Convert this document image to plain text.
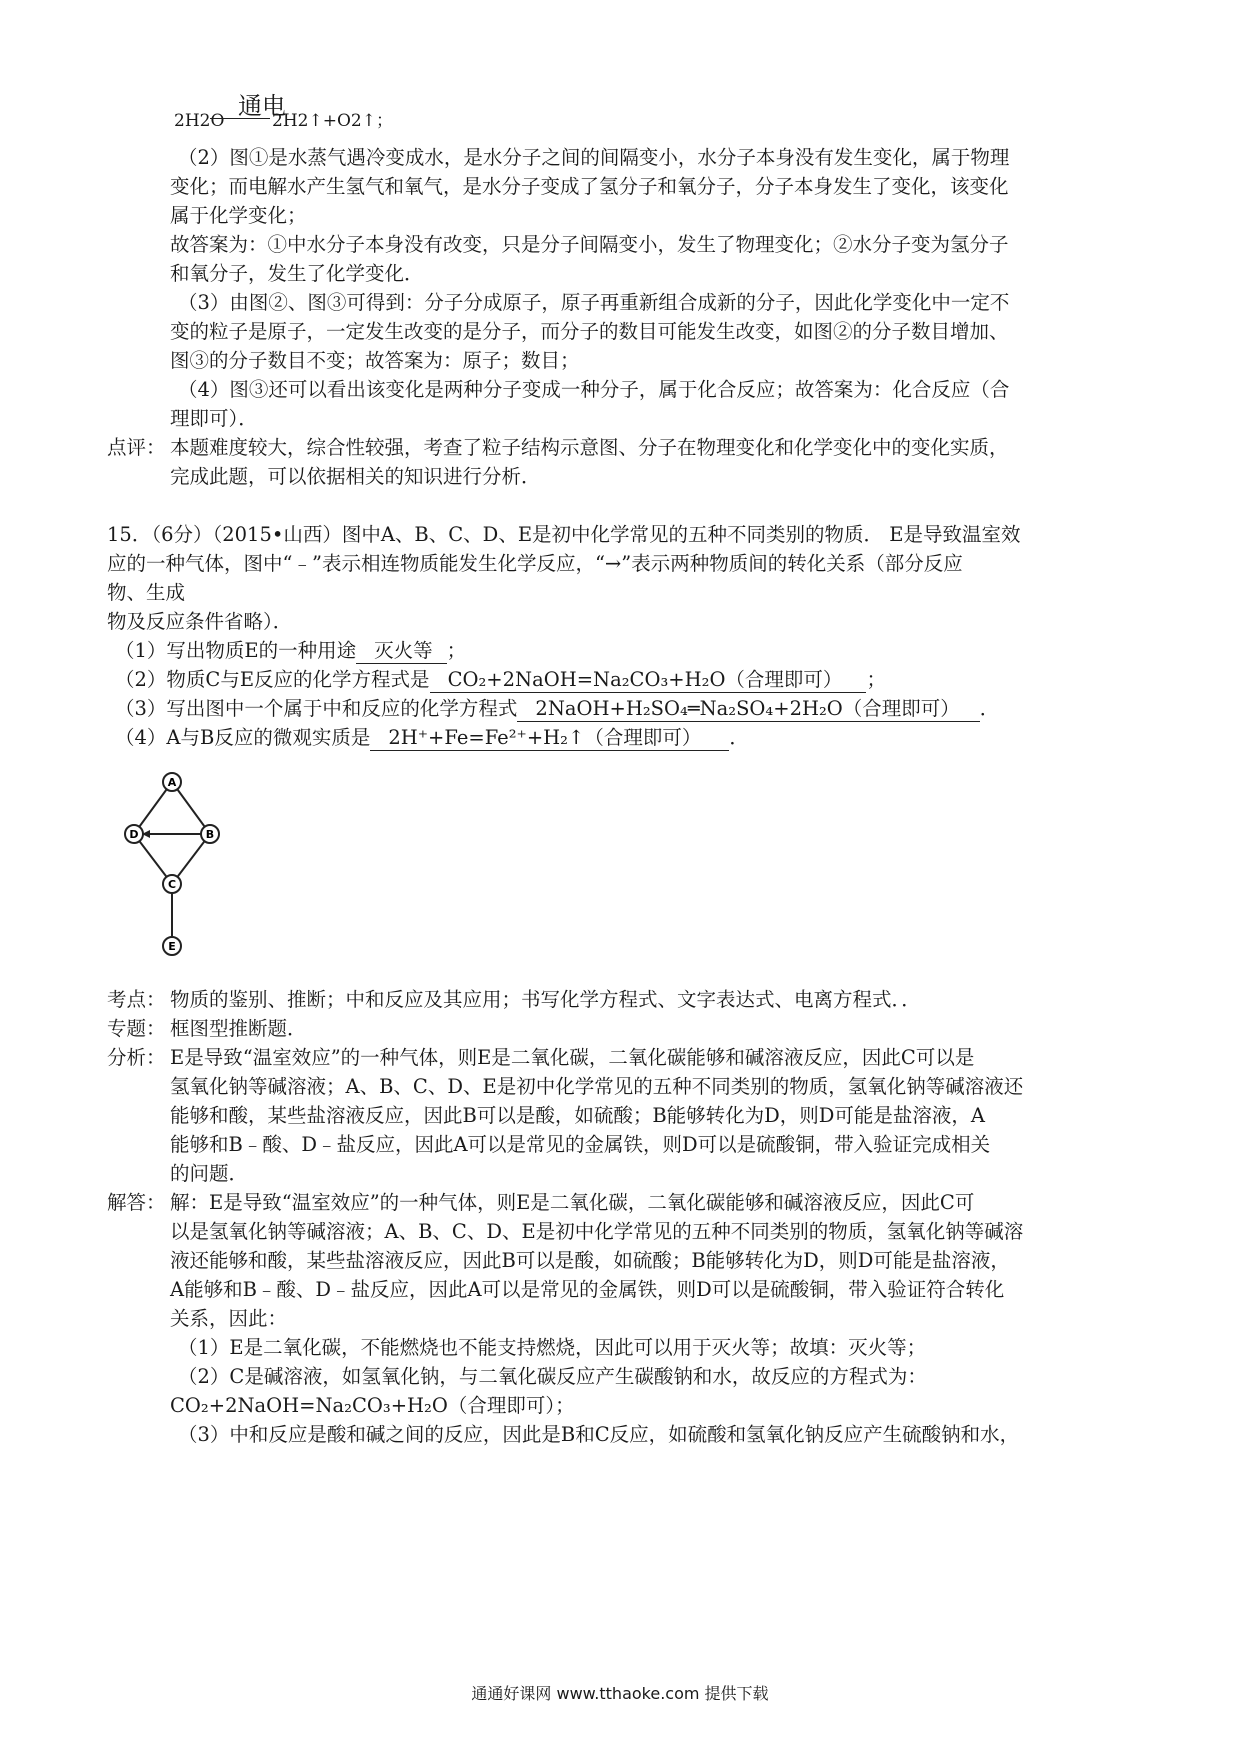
通电
2H2O	2H2↑+O2↑；
（2）图①是水蒸气遇冷变成水，是水分子之间的间隔变小，水分子本身没有发生变化，属于物理
变化；而电解水产生氢气和氧气，是水分子变成了氢分子和氧分子，分子本身发生了变化，该变化
属于化学变化；
故答案为：①中水分子本身没有改变，只是分子间隔变小，发生了物理变化；②水分子变为氢分子
和氧分子，发生了化学变化．
（3）由图②、图③可得到：分子分成原子，原子再重新组合成新的分子，因此化学变化中一定不
变的粒子是原子，一定发生改变的是分子，而分子的数目可能发生改变，如图②的分子数目增加、
图③的分子数目不变；故答案为：原子；数目；
（4）图③还可以看出该变化是两种分子变成一种分子，属于化合反应；故答案为：化合反应（合
理即可）．
点评： 本题难度较大，综合性较强，考查了粒子结构示意图、分子在物理变化和化学变化中的变化实质，
完成此题，可以依据相关的知识进行分析．
15．（6分）（2015•山西）图中A、B、C、D、E是初中化学常见的五种不同类别的物质． E是导致温室效
应的一种气体，图中“﹣”表示相连物质能发生化学反应，“→”表示两种物质间的转化关系（部分反应
物、生成
物及反应条件省略）．
（1）写出物质E的一种用途 灭火等 ；
（2）物质C与E反应的化学方程式是 CO₂+2NaOH=Na₂CO₃+H₂O（合理即可） ；
（3）写出图中一个属于中和反应的化学方程式 2NaOH+H₂SO₄═Na₂SO₄+2H₂O（合理即可） ．
（4）A与B反应的微观实质是 2H⁺+Fe=Fe²⁺+H₂↑（合理即可） ．
A
D	B
C
E
考点： 物质的鉴别、推断；中和反应及其应用；书写化学方程式、文字表达式、电离方程式．．
专题： 框图型推断题．
分析： E是导致“温室效应”的一种气体，则E是二氧化碳，二氧化碳能够和碱溶液反应，因此C可以是
氢氧化钠等碱溶液；A、B、C、D、E是初中化学常见的五种不同类别的物质，氢氧化钠等碱溶液还
能够和酸，某些盐溶液反应，因此B可以是酸，如硫酸；B能够转化为D，则D可能是盐溶液，A
能够和B﹣酸、D﹣盐反应，因此A可以是常见的金属铁，则D可以是硫酸铜，带入验证完成相关
的问题．
解答： 解：E是导致“温室效应”的一种气体，则E是二氧化碳，二氧化碳能够和碱溶液反应，因此C可
以是氢氧化钠等碱溶液；A、B、C、D、E是初中化学常见的五种不同类别的物质，氢氧化钠等碱溶
液还能够和酸，某些盐溶液反应，因此B可以是酸，如硫酸；B能够转化为D，则D可能是盐溶液，
A能够和B﹣酸、D﹣盐反应，因此A可以是常见的金属铁，则D可以是硫酸铜，带入验证符合转化
关系，因此：
（1）E是二氧化碳，不能燃烧也不能支持燃烧，因此可以用于灭火等；故填：灭火等；
（2）C是碱溶液，如氢氧化钠，与二氧化碳反应产生碳酸钠和水，故反应的方程式为：
CO₂+2NaOH=Na₂CO₃+H₂O（合理即可）；
（3）中和反应是酸和碱之间的反应，因此是B和C反应，如硫酸和氢氧化钠反应产生硫酸钠和水，
通通好课网 www.tthaoke.com 提供下载
